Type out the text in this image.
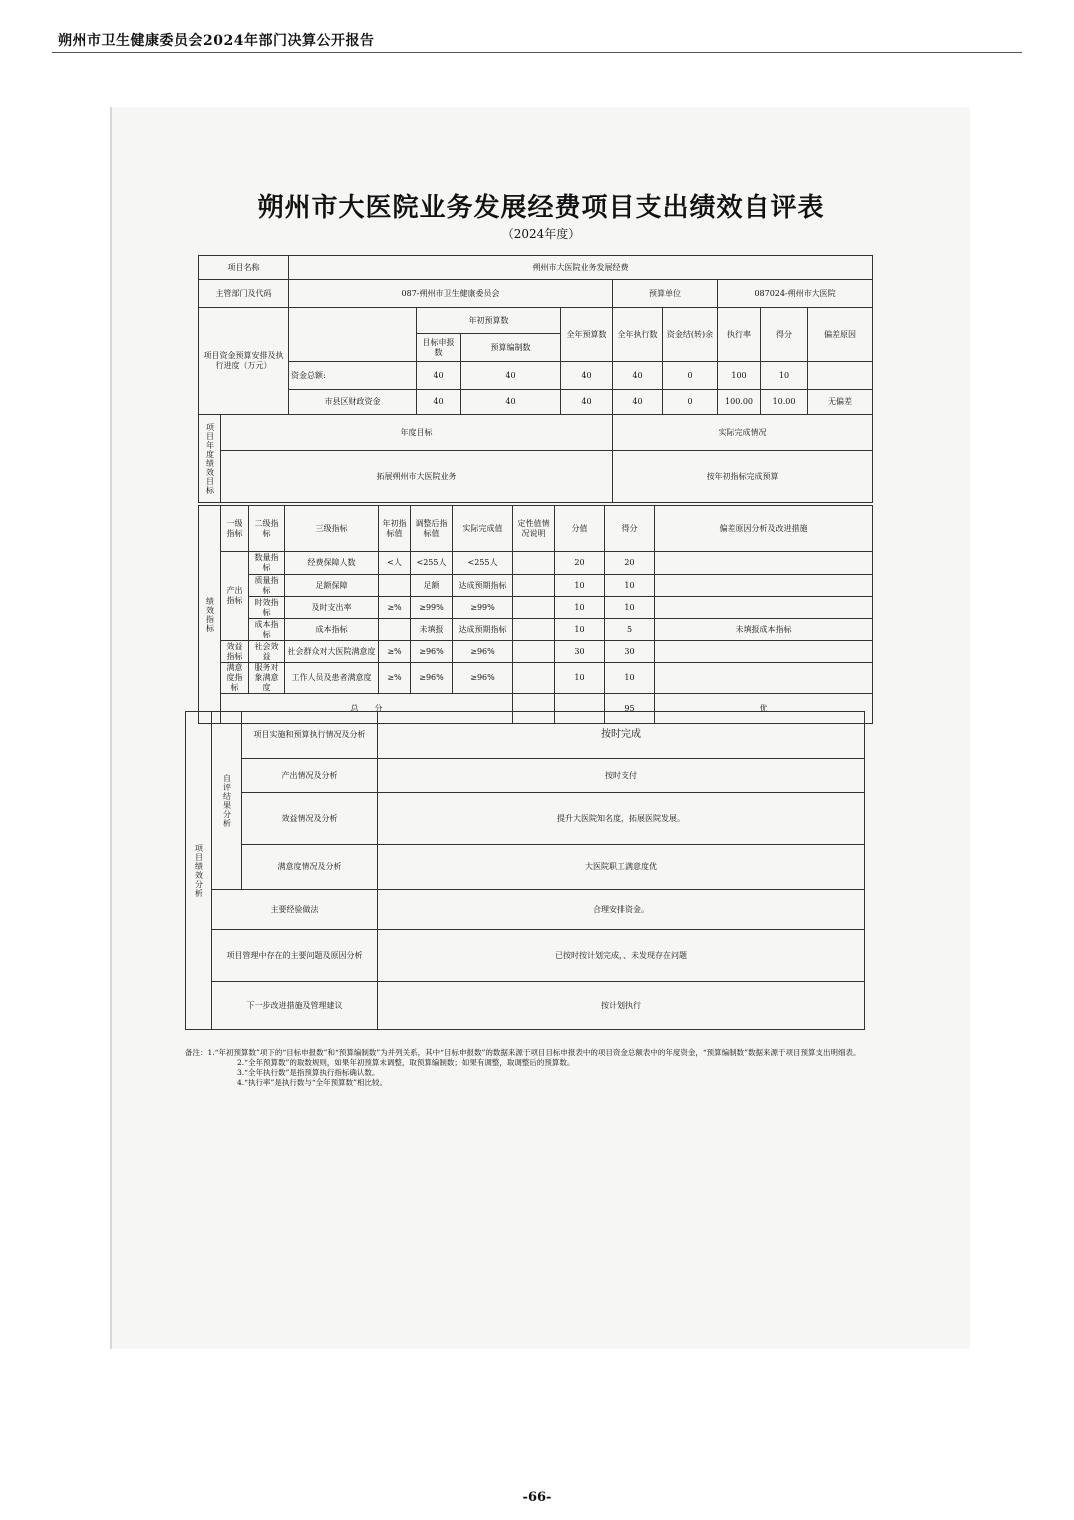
朔州市卫生健康委员会2024年部门决算公开报告
朔州市大医院业务发展经费项目支出绩效自评表
（2024年度）
项目名称		朔州市大医院业务发展经费								
主管部门及代码		087-朔州市卫生健康委员会				预算单位		087024-朔州市大医院		
项目资金预算安排及执行进度（万元）			年初预算数		全年预算数	全年执行数	资金结(转)余	执行率	得分	偏差原因
			目标申报数	预算编制数						
		资金总额:	40	40	40	40	0	100	10	
		市县区财政资金	40	40	40	40	0	100.00	10.00	无偏差
项目年度绩效目标	年度目标					实际完成情况				
	拓展朔州市大医院业务					按年初指标完成预算				
绩效指标	一级指标	二级指标	三级指标	年初指标值	调整后指标值	实际完成值	定性值情况说明	分值	得分	偏差原因分析及改进措施
	产出指标	数量指标	经费保障人数	<人	<255人	<255人		20	20	
		质量指标	足额保障		足额	达成预期指标		10	10	
		时效指标	及时支出率	≥%	≥99%	≥99%		10	10	
		成本指标	成本指标		未填报	达成预期指标		10	5	未填报成本指标
	效益指标	社会效益	社会群众对大医院满意度	≥%	≥96%	≥96%		30	30	
	满意度指标	服务对象满意度	工作人员及患者满意度	≥%	≥96%	≥96%		10	10	
	总　　分								95	优
项目绩效分析	自评结果分析	项目实施和预算执行情况及分析	按时完成
		产出情况及分析	按时支付
		效益情况及分析	提升大医院知名度，拓展医院发展。
		满意度情况及分析	大医院职工满意度优
	主要经验做法		合理安排资金。
	项目管理中存在的主要问题及原因分析		已按时按计划完成，、未发现存在问题
	下一步改进措施及管理建议		按计划执行
备注：1.“年初预算数”项下的“目标申报数”和“预算编制数”为并列关系，其中“目标申报数”的数据来源于项目目标申报表中的项目资金总额表中的年度资金，“预算编制数”数据来源于项目预算支出明细表。
2.“全年预算数”的取数规则，如果年初预算未调整，取预算编制数；如果有调整，取调整后的预算数。
3.“全年执行数”是指预算执行指标确认数。
4.“执行率”是执行数与“全年预算数”相比较。
-66-
